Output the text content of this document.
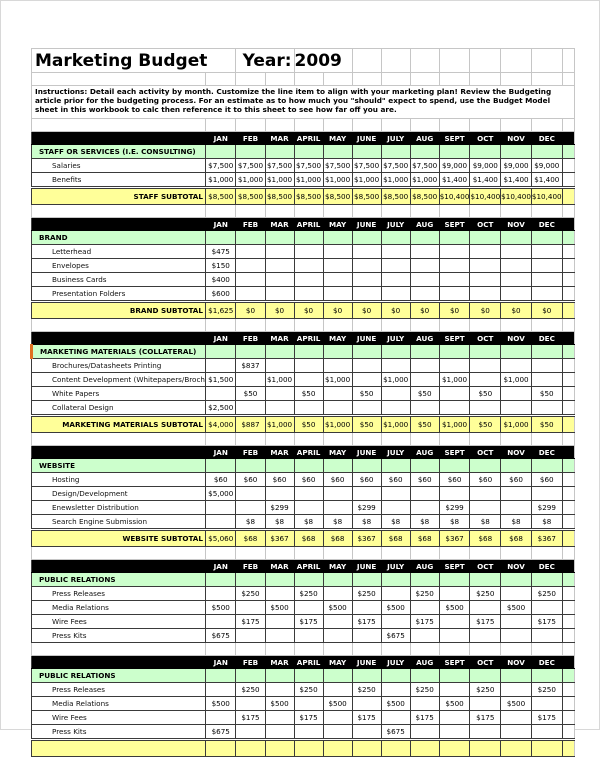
Marketing Budget		Year:		2009									

Instructions: Detail each activity by month. Customize the line item to align with your marketing plan! Review the Budgeting article prior for the budgeting process. For an estimate as to how much you "should" expect to spend, use the Budget Model sheet in this workbook to calc then reference it to this sheet to see how far off you are.													

	JAN	FEB	MAR	APRIL	MAY	JUNE	JULY	AUG	SEPT	OCT	NOV	DEC	
STAFF OR SERVICES (I.E. CONSULTING)													
Salaries	$7,500	$7,500	$7,500	$7,500	$7,500	$7,500	$7,500	$7,500	$9,000	$9,000	$9,000	$9,000	
Benefits	$1,000	$1,000	$1,000	$1,000	$1,000	$1,000	$1,000	$1,000	$1,400	$1,400	$1,400	$1,400	
STAFF SUBTOTAL	$8,500	$8,500	$8,500	$8,500	$8,500	$8,500	$8,500	$8,500	$10,400	$10,400	$10,400	$10,400	

	JAN	FEB	MAR	APRIL	MAY	JUNE	JULY	AUG	SEPT	OCT	NOV	DEC	
BRAND													
Letterhead	$475												
Envelopes	$150												
Business Cards	$400												
Presentation Folders	$600												
BRAND SUBTOTAL	$1,625	$0	$0	$0	$0	$0	$0	$0	$0	$0	$0	$0	

	JAN	FEB	MAR	APRIL	MAY	JUNE	JULY	AUG	SEPT	OCT	NOV	DEC	
MARKETING MATERIALS (COLLATERAL)													
Brochures/Datasheets Printing		$837											
Content Development (Whitepapers/Broch	$1,500		$1,000		$1,000		$1,000		$1,000		$1,000		
White Papers		$50		$50		$50		$50		$50		$50	
Collateral Design	$2,500												
MARKETING MATERIALS SUBTOTAL	$4,000	$887	$1,000	$50	$1,000	$50	$1,000	$50	$1,000	$50	$1,000	$50	

	JAN	FEB	MAR	APRIL	MAY	JUNE	JULY	AUG	SEPT	OCT	NOV	DEC	
WEBSITE													
Hosting	$60	$60	$60	$60	$60	$60	$60	$60	$60	$60	$60	$60	
Design/Development	$5,000												
Enewsletter Distribution			$299			$299			$299			$299	
Search Engine Submission		$8	$8	$8	$8	$8	$8	$8	$8	$8	$8	$8	
WEBSITE SUBTOTAL	$5,060	$68	$367	$68	$68	$367	$68	$68	$367	$68	$68	$367	

	JAN	FEB	MAR	APRIL	MAY	JUNE	JULY	AUG	SEPT	OCT	NOV	DEC	
PUBLIC RELATIONS													
Press Releases		$250		$250		$250		$250		$250		$250	
Media Relations	$500		$500		$500		$500		$500		$500		
Wire Fees		$175		$175		$175		$175		$175		$175	
Press Kits	$675						$675						

	JAN	FEB	MAR	APRIL	MAY	JUNE	JULY	AUG	SEPT	OCT	NOV	DEC	
PUBLIC RELATIONS													
Press Releases		$250		$250		$250		$250		$250		$250	
Media Relations	$500		$500		$500		$500		$500		$500		
Wire Fees		$175		$175		$175		$175		$175		$175	
Press Kits	$675						$675						
